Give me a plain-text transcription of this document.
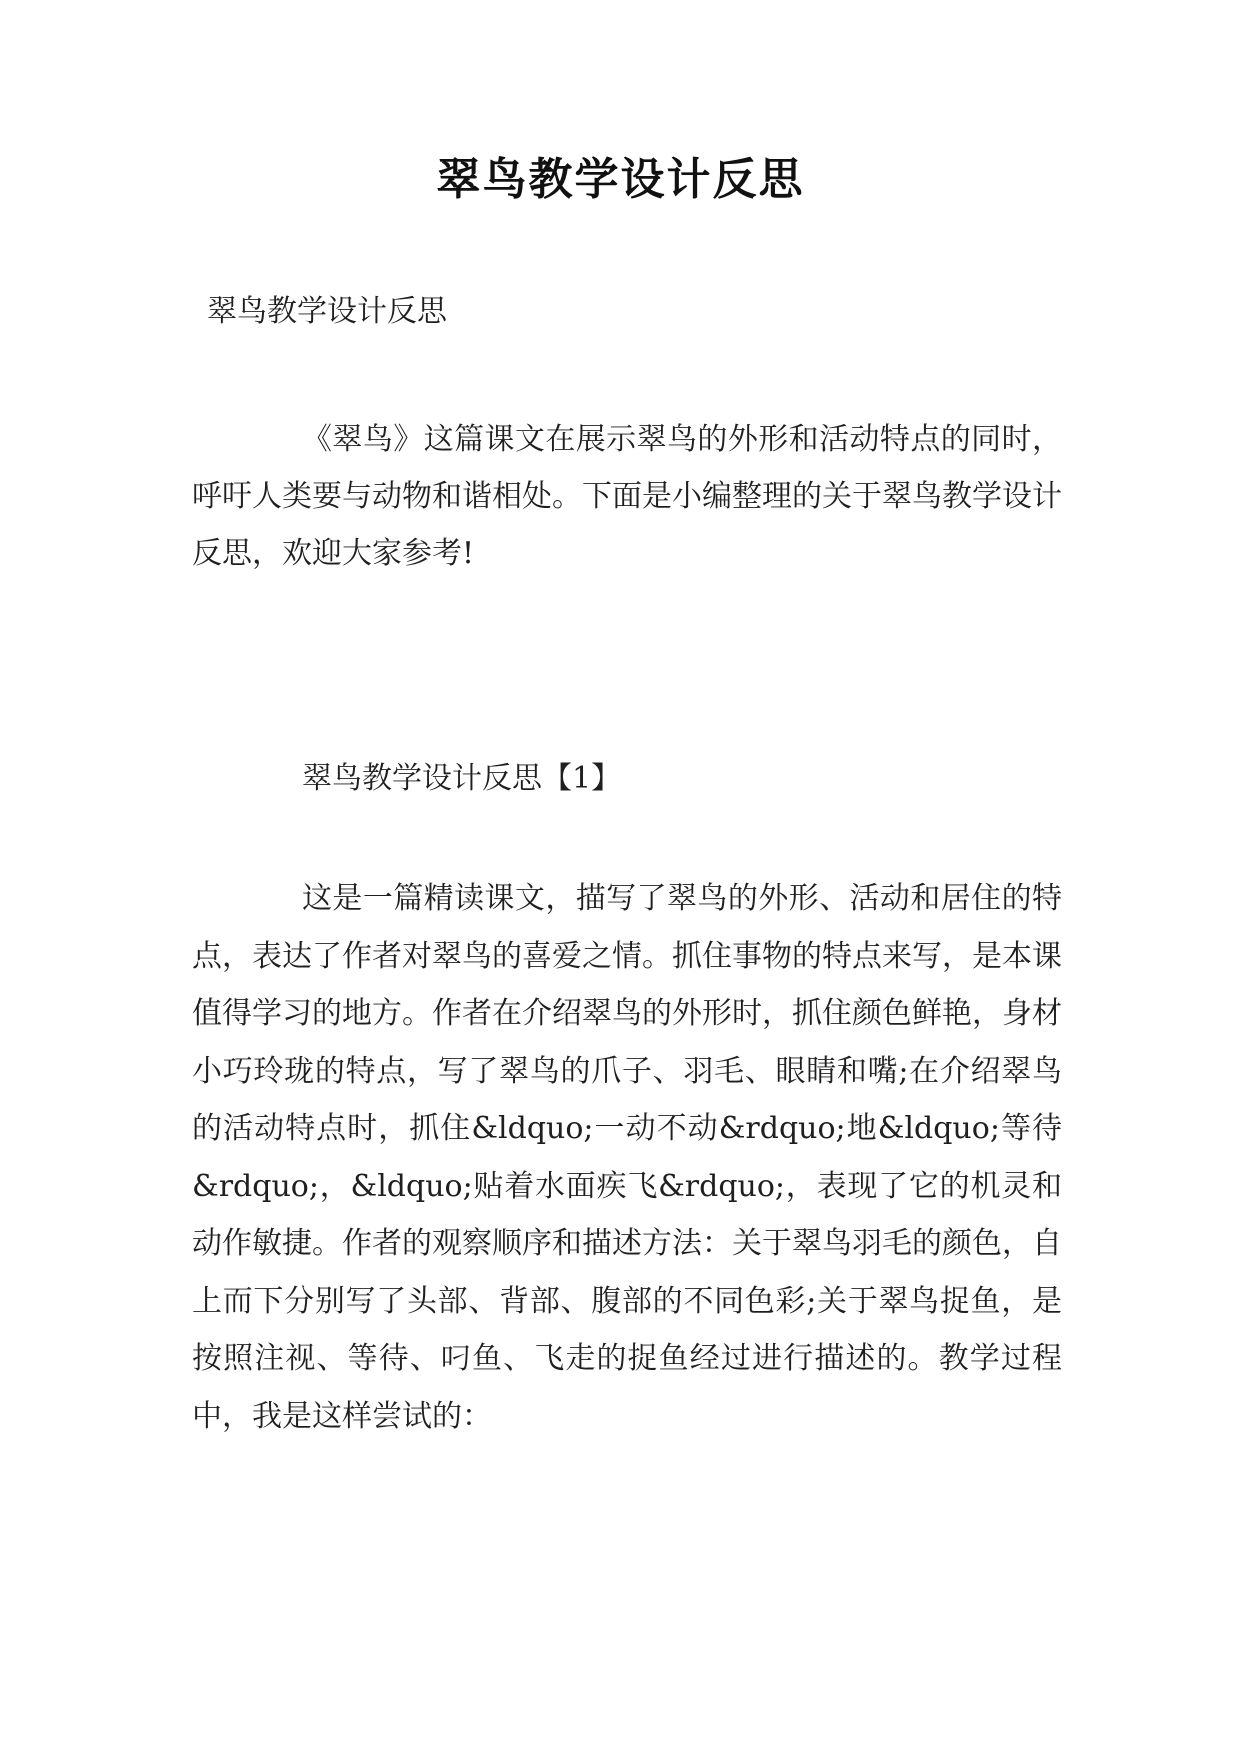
翠鸟教学设计反思
翠鸟教学设计反思
《翠鸟》这篇课文在展示翠鸟的外形和活动特点的同时，呼吁人类要与动物和谐相处。下面是小编整理的关于翠鸟教学设计反思，欢迎大家参考!
翠鸟教学设计反思【1】
这是一篇精读课文，描写了翠鸟的外形、活动和居住的特点，表达了作者对翠鸟的喜爱之情。抓住事物的特点来写，是本课值得学习的地方。作者在介绍翠鸟的外形时，抓住颜色鲜艳，身材小巧玲珑的特点，写了翠鸟的爪子、羽毛、眼睛和嘴;在介绍翠鸟的活动特点时，抓住&ldquo;一动不动&rdquo;地&ldquo;等待&rdquo;，&ldquo;贴着水面疾飞&rdquo;，表现了它的机灵和动作敏捷。作者的观察顺序和描述方法：关于翠鸟羽毛的颜色，自上而下分别写了头部、背部、腹部的不同色彩;关于翠鸟捉鱼，是按照注视、等待、叼鱼、飞走的捉鱼经过进行描述的。教学过程中，我是这样尝试的：
